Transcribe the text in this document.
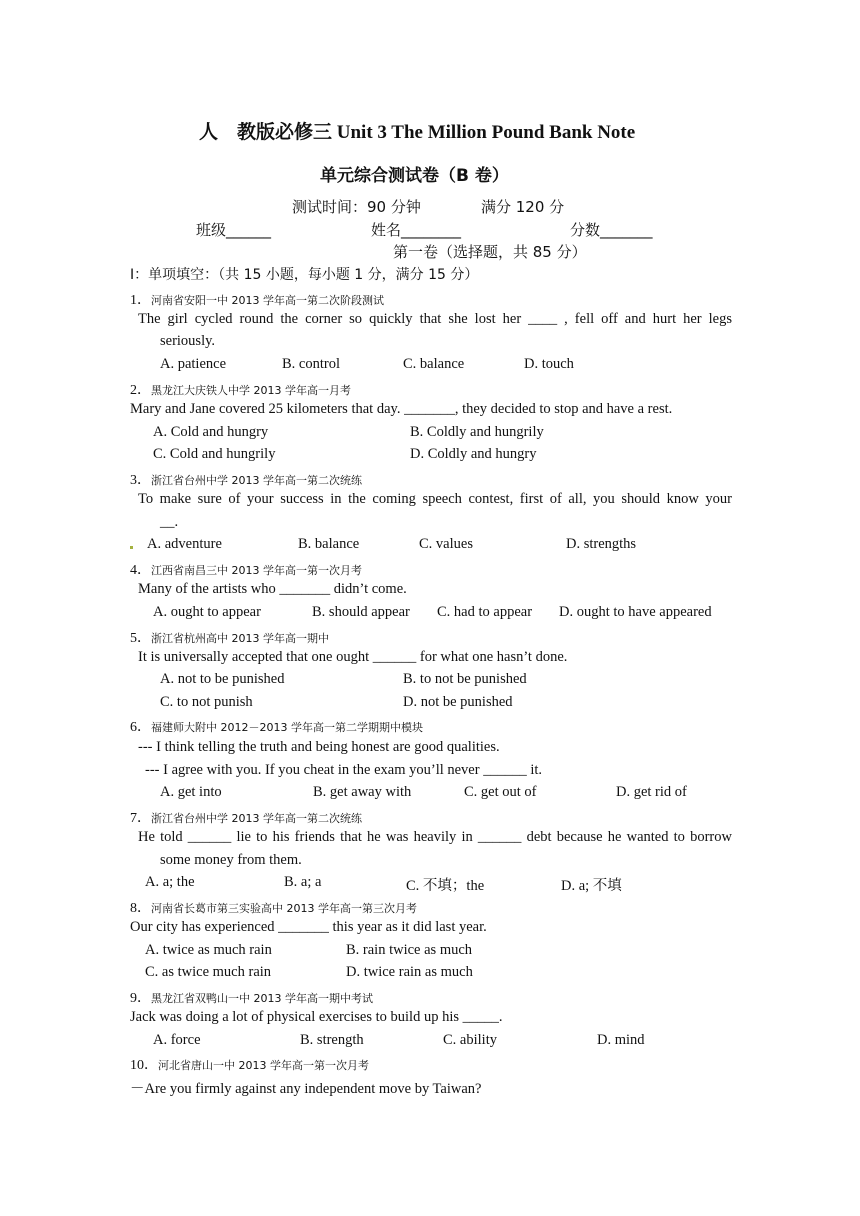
人　教版必修三 Unit 3 The Million Pound Bank Note
单元综合测试卷（B 卷）
测试时间：90 分钟	满分 120 分
班级______	姓名________	分数_______
第一卷（选择题，共 85 分）
I：单项填空：（共 15 小题，每小题 1 分，满分 15 分）
1．河南省安阳一中 2013 学年高一第二次阶段测试
The girl cycled round the corner so quickly that she lost her ____ , fell off and hurt her legs
seriously.
A. patience	B. control	C. balance	D. touch
2．黑龙江大庆铁人中学 2013 学年高一月考
Mary and Jane covered 25 kilometers that day. _______, they decided to stop and have a rest.
A. Cold and hungry	B. Coldly and hungrily
C. Cold and hungrily	D. Coldly and hungry
3．浙江省台州中学 2013 学年高一第二次统练
To make sure of your success in the coming speech contest, first of all, you should know your
__.
A. adventure	B. balance	C. values	D. strengths
4．江西省南昌三中 2013 学年高一第一次月考
Many of the artists who _______ didn’t come.
A. ought to appear	B. should appear C. had to appear D. ought to have appeared
5．浙江省杭州高中 2013 学年高一期中
It is universally accepted that one ought ______ for what one hasn’t done.
A. not to be punished	B. to not be punished
C. to not punish	D. not be punished
6．福建师大附中 2012－2013 学年高一第二学期期中模块
--- I think telling the truth and being honest are good qualities.
--- I agree with you. If you cheat in the exam you’ll never ______ it.
A. get into	B. get away with	C. get out of	D. get rid of
7．浙江省台州中学 2013 学年高一第二次统练
He told ______ lie to his friends that he was heavily in ______ debt because he wanted to borrow
some money from them.
A. a; the	B. a; a	C. 不填；the	D. a; 不填
8．河南省长葛市第三实验高中 2013 学年高一第三次月考
Our city has experienced _______ this year as it did last year.
A. twice as much rain	B. rain twice as much
C. as twice much rain	D. twice rain as much
9．黑龙江省双鸭山一中 2013 学年高一期中考试
Jack was doing a lot of physical exercises to build up his _____.
A. force	B. strength	C. ability	D. mind
10．河北省唐山一中 2013 学年高一第一次月考
－Are you firmly against any independent move by Taiwan?
